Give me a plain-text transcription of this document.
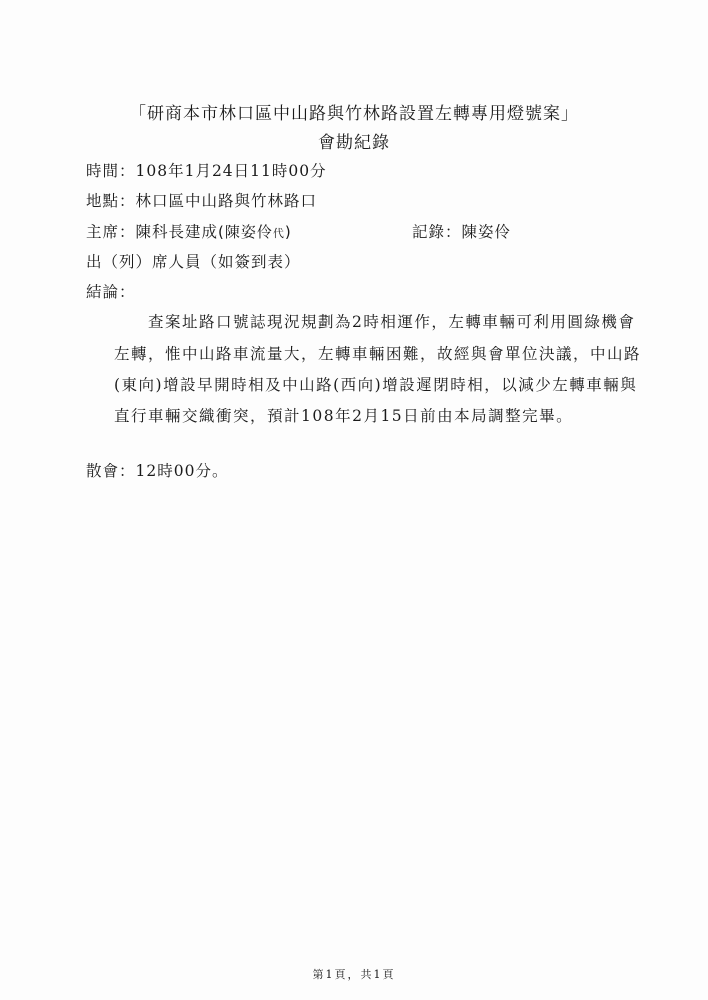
「研商本市林口區中山路與竹林路設置左轉專用燈號案」
會勘紀錄
時間：108年1月24日11時00分
地點：林口區中山路與竹林路口
主席：陳科長建成(陳姿伶代)	記錄：陳姿伶
出（列）席人員（如簽到表）
結論：
查案址路口號誌現況規劃為2時相運作，左轉車輛可利用圓綠機會
左轉，惟中山路車流量大，左轉車輛困難，故經與會單位決議，中山路
(東向)增設早開時相及中山路(西向)增設遲閉時相，以減少左轉車輛與
直行車輛交織衝突，預計108年2月15日前由本局調整完畢。
散會：12時00分。
第1頁，共1頁
